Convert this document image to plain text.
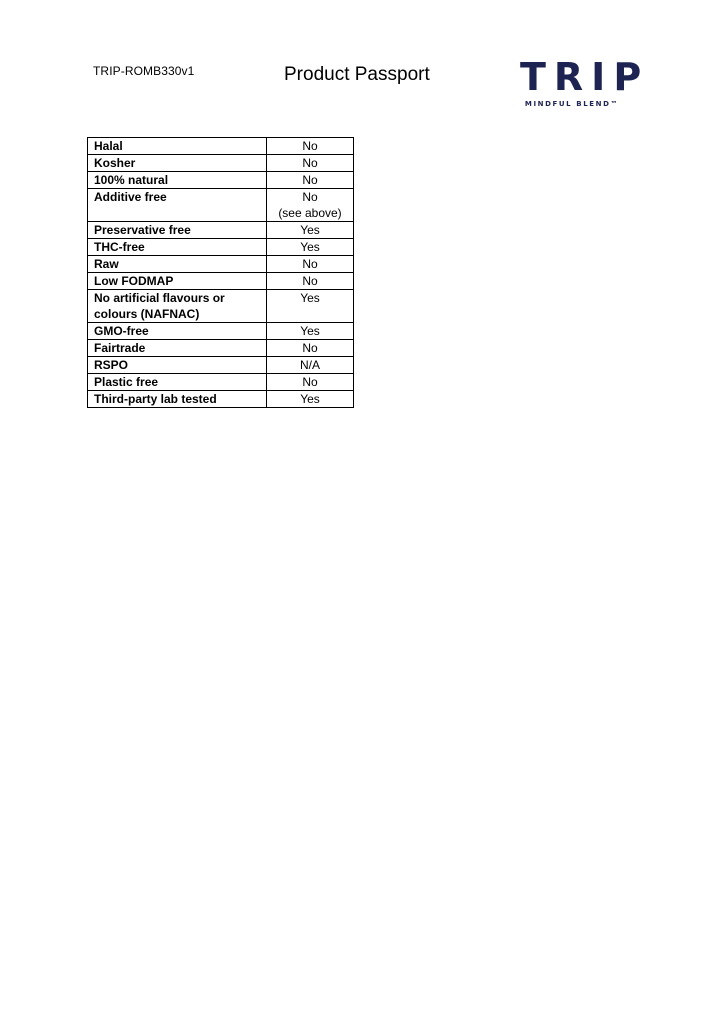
TRIP-ROMB330v1	Product Passport TRIP
MINDFUL BLEND™
Halal	No
Kosher	No
100% natural	No
Additive free	No
(see above)

Preservative free	Yes
THC-free	Yes
Raw	No
Low FODMAP	No
No artificial flavours or colours (NAFNAC)	Yes
GMO-free	Yes
Fairtrade	No
RSPO	N/A
Plastic free	No
Third-party lab tested	Yes
